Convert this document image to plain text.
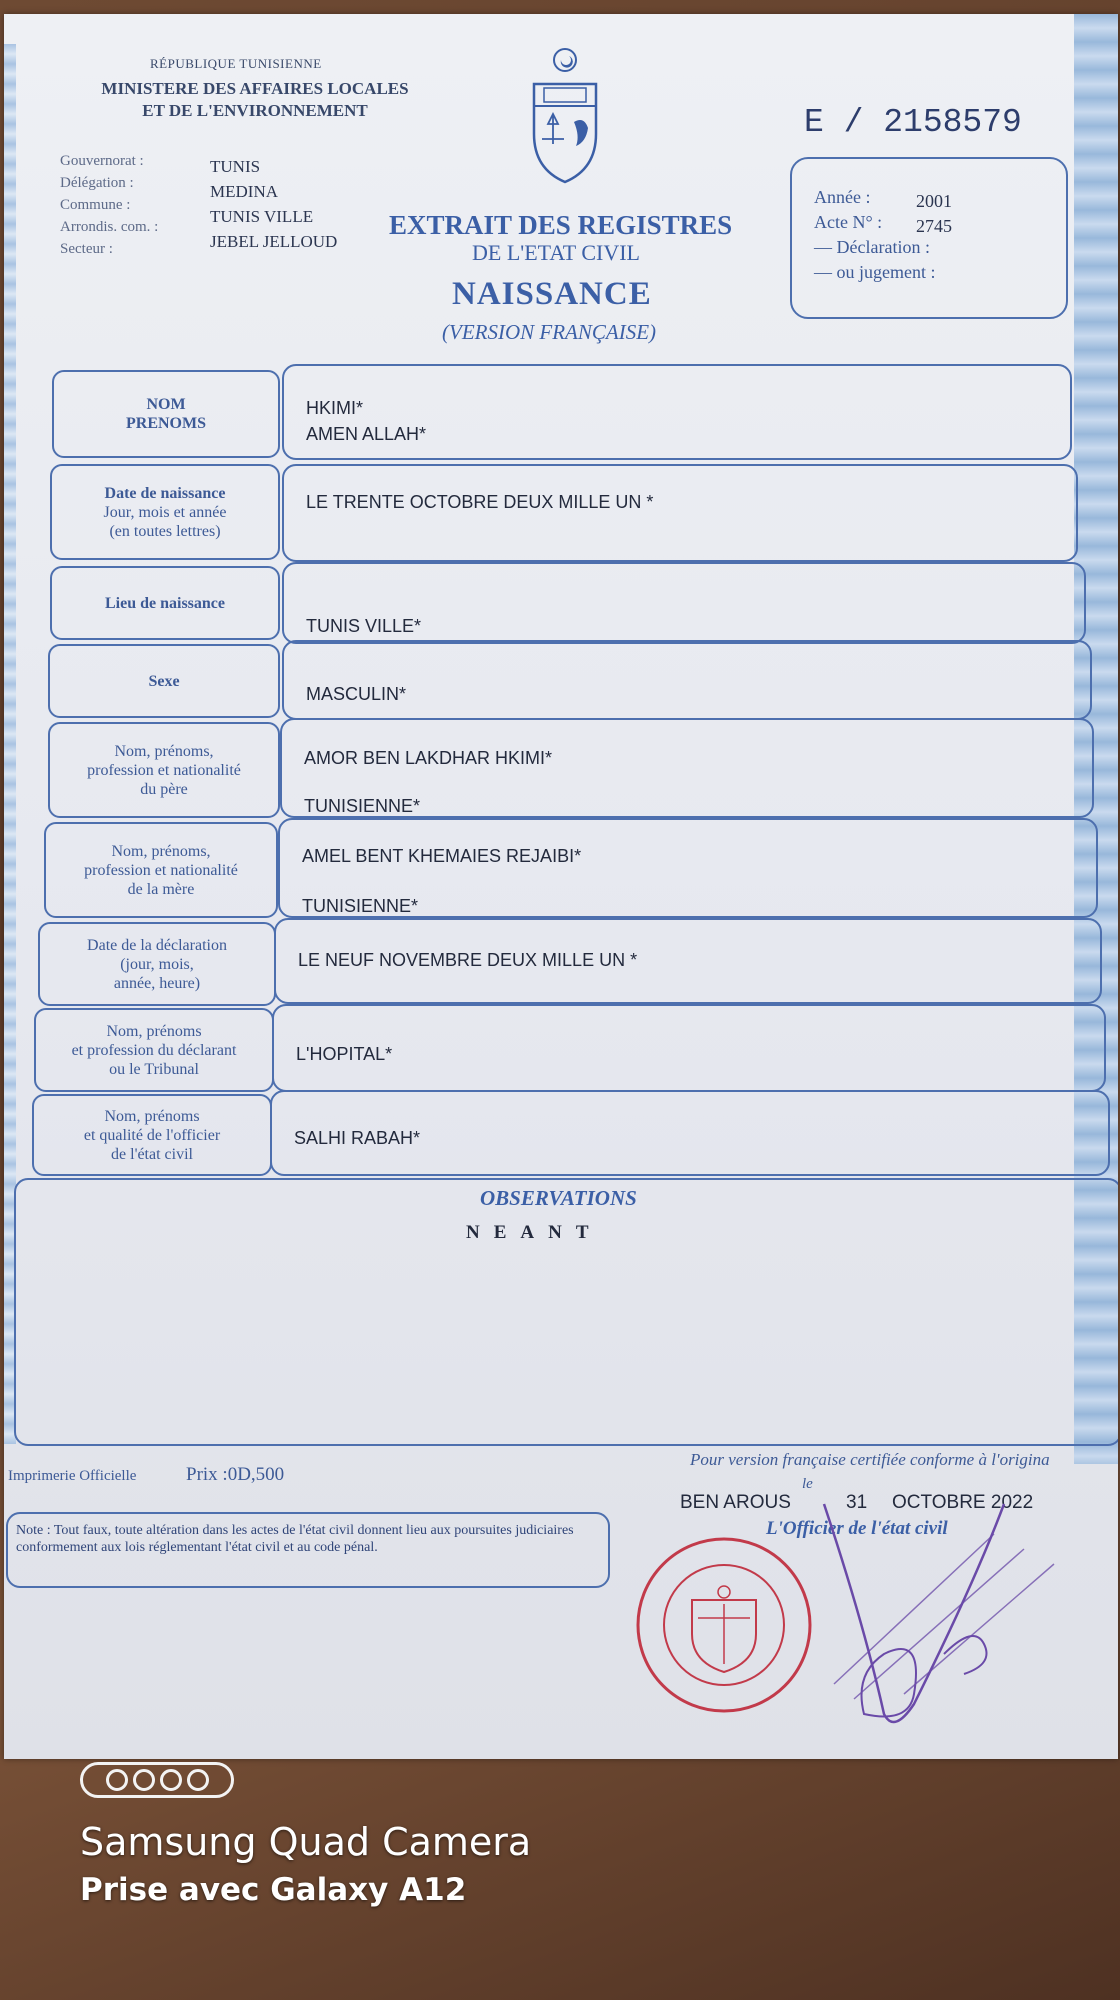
RÉPUBLIQUE TUNISIENNE
MINISTERE DES AFFAIRES LOCALES
ET DE L'ENVIRONNEMENT
Gouvernorat :
Délégation :
Commune :
Arrondis. com. :
Secteur :
TUNIS
MEDINA
TUNIS VILLE
JEBEL JELLOUD
EXTRAIT DES REGISTRES
DE L'ETAT CIVIL
NAISSANCE
(VERSION FRANÇAISE)
E / 2158579
Année :
Acte N° :
— Déclaration :
— ou jugement :
2001
2745
NOM
PRENOMS
HKIMI*
AMEN ALLAH*
Date de naissance
Jour, mois et année
(en toutes lettres)
LE TRENTE OCTOBRE DEUX MILLE UN *
Lieu de naissance
TUNIS VILLE*
Sexe
MASCULIN*
Nom, prénoms,
profession et nationalité
du père
AMOR BEN LAKDHAR HKIMI*
TUNISIENNE*
Nom, prénoms,
profession et nationalité
de la mère
AMEL BENT KHEMAIES REJAIBI*
TUNISIENNE*
Date de la déclaration
(jour, mois,
année, heure)
LE NEUF NOVEMBRE DEUX MILLE UN *
Nom, prénoms
et profession du déclarant
ou le Tribunal
L'HOPITAL*
Nom, prénoms
et qualité de l'officier
de l'état civil
SALHI RABAH*
OBSERVATIONS
NEANT
Imprimerie Officielle	Prix :0D,500
Pour version française certifiée conforme à l'origina
Note : Tout faux, toute altération dans les actes de l'état civil donnent lieu aux poursuites judiciaires conformement aux lois réglementant l'état civil et au code pénal.
BEN AROUS
le
31 OCTOBRE 2022
L'Officier de l'état civil
Samsung Quad Camera
Prise avec Galaxy A12
